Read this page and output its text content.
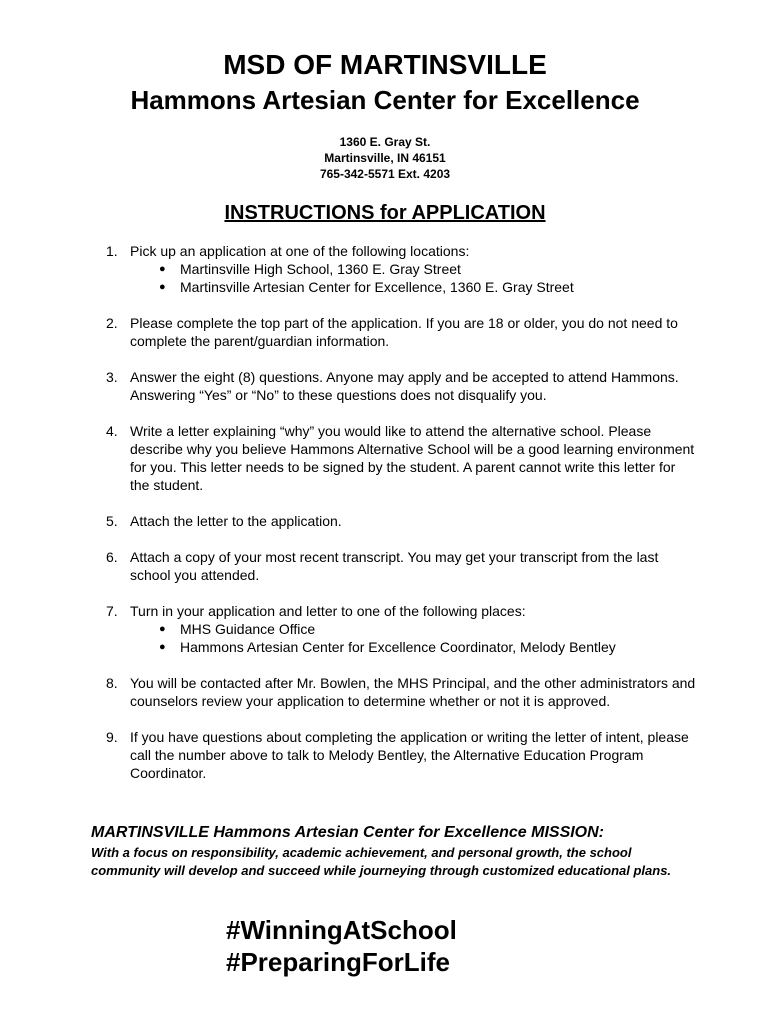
MSD OF MARTINSVILLE
Hammons Artesian Center for Excellence
1360 E. Gray St.
Martinsville, IN 46151
765-342-5571 Ext. 4203
INSTRUCTIONS for APPLICATION
1. Pick up an application at one of the following locations:
● Martinsville High School, 1360 E. Gray Street
● Martinsville Artesian Center for Excellence, 1360 E. Gray Street
2. Please complete the top part of the application. If you are 18 or older, you do not need to complete the parent/guardian information.
3. Answer the eight (8) questions. Anyone may apply and be accepted to attend Hammons. Answering “Yes” or “No” to these questions does not disqualify you.
4. Write a letter explaining “why” you would like to attend the alternative school. Please describe why you believe Hammons Alternative School will be a good learning environment for you. This letter needs to be signed by the student. A parent cannot write this letter for the student.
5. Attach the letter to the application.
6. Attach a copy of your most recent transcript. You may get your transcript from the last school you attended.
7. Turn in your application and letter to one of the following places:
● MHS Guidance Office
● Hammons Artesian Center for Excellence Coordinator, Melody Bentley
8. You will be contacted after Mr. Bowlen, the MHS Principal, and the other administrators and counselors review your application to determine whether or not it is approved.
9. If you have questions about completing the application or writing the letter of intent, please call the number above to talk to Melody Bentley, the Alternative Education Program Coordinator.
MARTINSVILLE Hammons Artesian Center for Excellence MISSION:
With a focus on responsibility, academic achievement, and personal growth, the school community will develop and succeed while journeying through customized educational plans.
#WinningAtSchool
#PreparingForLife
